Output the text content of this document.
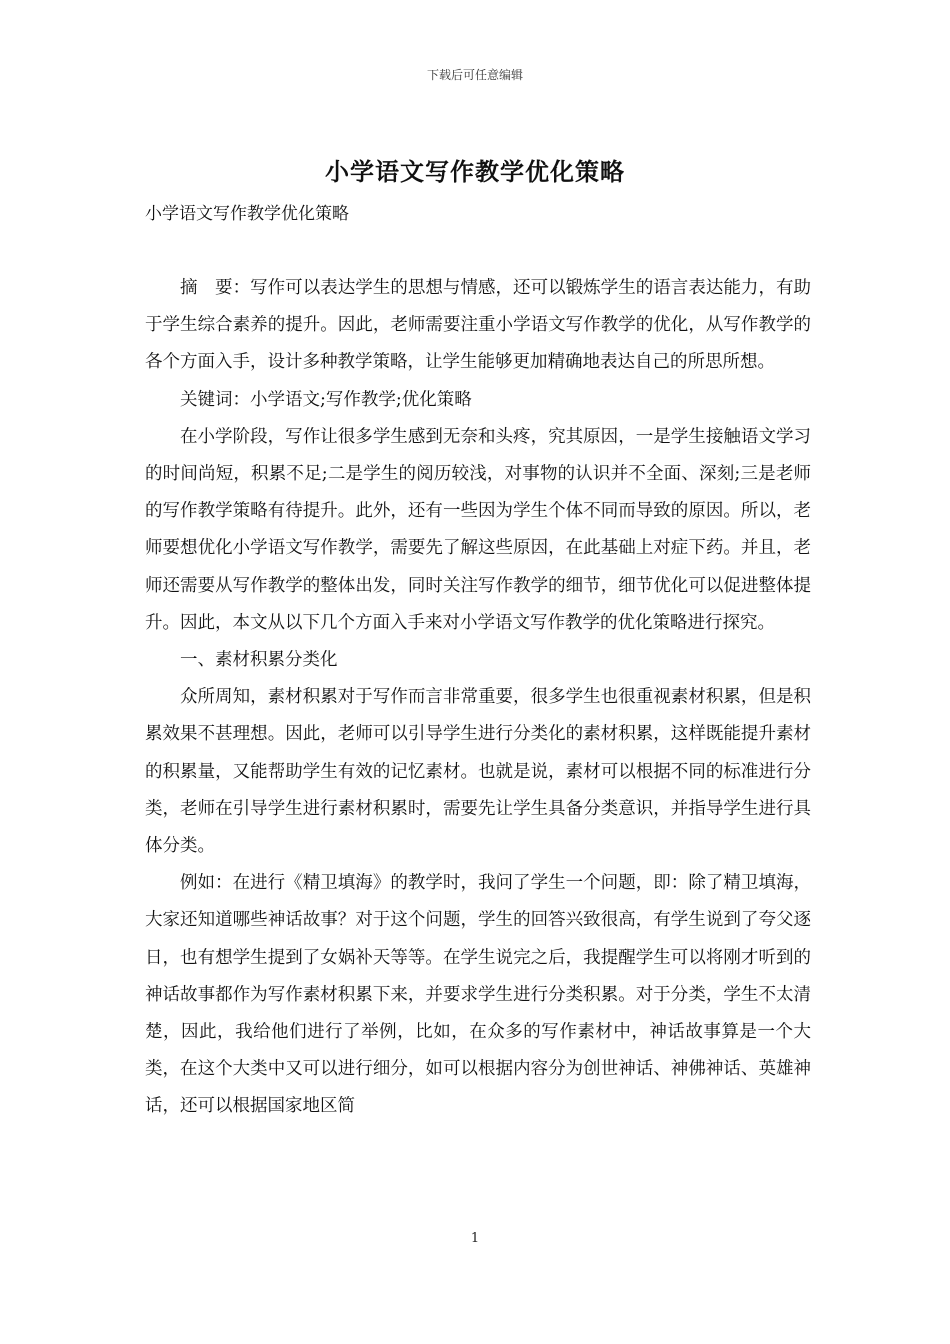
下载后可任意编辑
小学语文写作教学优化策略
小学语文写作教学优化策略

摘　要：写作可以表达学生的思想与情感，还可以锻炼学生的语言表达能力，有助于学生综合素养的提升。因此，老师需要注重小学语文写作教学的优化，从写作教学的各个方面入手，设计多种教学策略，让学生能够更加精确地表达自己的所思所想。

关键词：小学语文;写作教学;优化策略

在小学阶段，写作让很多学生感到无奈和头疼，究其原因，一是学生接触语文学习的时间尚短，积累不足;二是学生的阅历较浅，对事物的认识并不全面、深刻;三是老师的写作教学策略有待提升。此外，还有一些因为学生个体不同而导致的原因。所以，老师要想优化小学语文写作教学，需要先了解这些原因，在此基础上对症下药。并且，老师还需要从写作教学的整体出发，同时关注写作教学的细节，细节优化可以促进整体提升。因此，本文从以下几个方面入手来对小学语文写作教学的优化策略进行探究。

一、素材积累分类化

众所周知，素材积累对于写作而言非常重要，很多学生也很重视素材积累，但是积累效果不甚理想。因此，老师可以引导学生进行分类化的素材积累，这样既能提升素材的积累量，又能帮助学生有效的记忆素材。也就是说，素材可以根据不同的标准进行分类，老师在引导学生进行素材积累时，需要先让学生具备分类意识，并指导学生进行具体分类。

例如：在进行《精卫填海》的教学时，我问了学生一个问题，即：除了精卫填海，大家还知道哪些神话故事？对于这个问题，学生的回答兴致很高，有学生说到了夸父逐日，也有想学生提到了女娲补天等等。在学生说完之后，我提醒学生可以将刚才听到的神话故事都作为写作素材积累下来，并要求学生进行分类积累。对于分类，学生不太清楚，因此，我给他们进行了举例，比如，在众多的写作素材中，神话故事算是一个大类，在这个大类中又可以进行细分，如可以根据内容分为创世神话、神佛神话、英雄神话，还可以根据国家地区简

1
